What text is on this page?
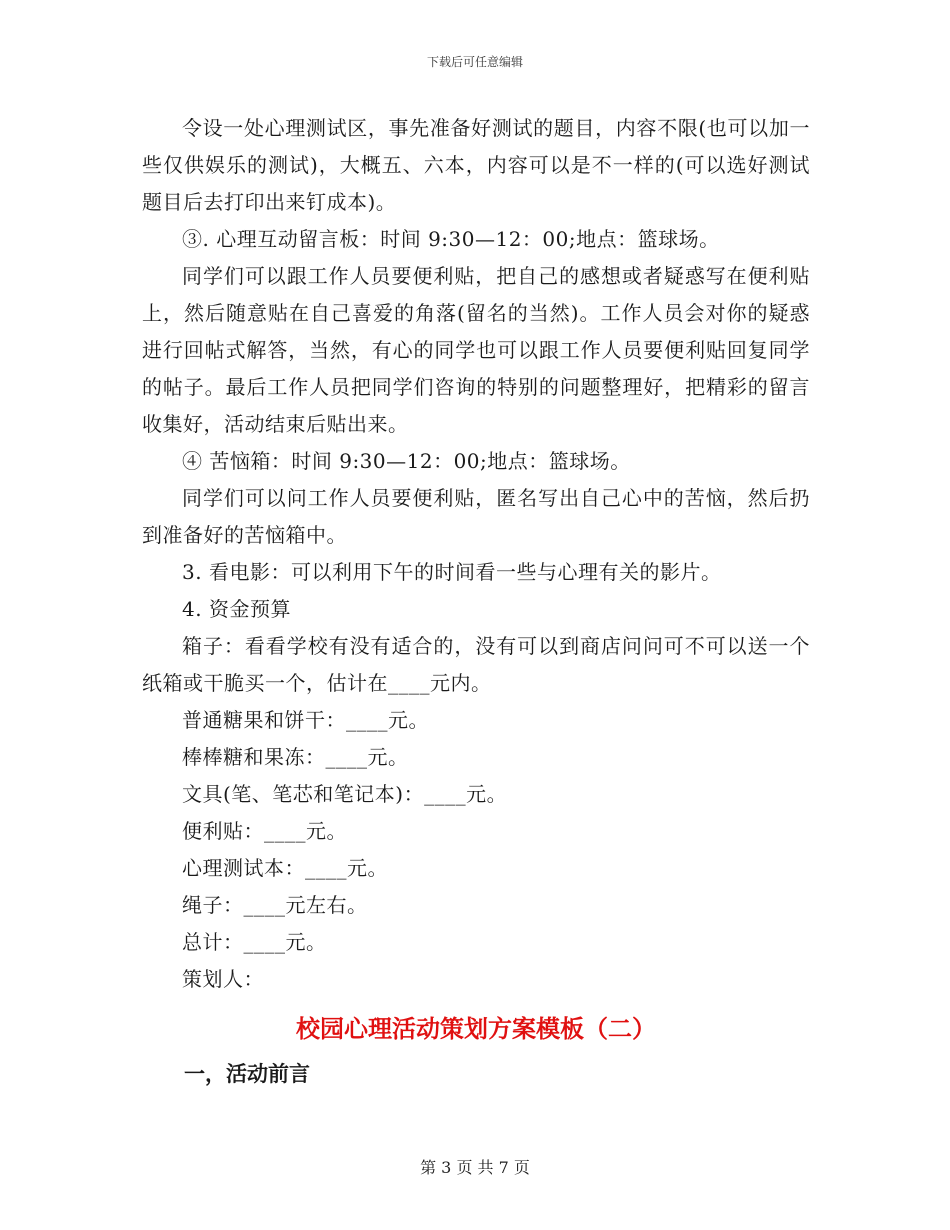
下载后可任意编辑

令设一处心理测试区，事先准备好测试的题目，内容不限(也可以加一些仅供娱乐的测试)，大概五、六本，内容可以是不一样的(可以选好测试题目后去打印出来钉成本)。

③. 心理互动留言板：时间 9:30—12：00;地点：篮球场。

同学们可以跟工作人员要便利贴，把自己的感想或者疑惑写在便利贴上，然后随意贴在自己喜爱的角落(留名的当然)。工作人员会对你的疑惑进行回帖式解答，当然，有心的同学也可以跟工作人员要便利贴回复同学的帖子。最后工作人员把同学们咨询的特别的问题整理好，把精彩的留言收集好，活动结束后贴出来。

④ 苦恼箱：时间 9:30—12：00;地点：篮球场。

同学们可以问工作人员要便利贴，匿名写出自己心中的苦恼，然后扔到准备好的苦恼箱中。

3. 看电影：可以利用下午的时间看一些与心理有关的影片。

4. 资金预算

箱子：看看学校有没有适合的，没有可以到商店问问可不可以送一个纸箱或干脆买一个，估计在____元内。

普通糖果和饼干：____元。

棒棒糖和果冻：____元。

文具(笔、笔芯和笔记本)：____元。

便利贴：____元。

心理测试本：____元。

绳子：____元左右。

总计：____元。

策划人：

校园心理活动策划方案模板（二）

一，活动前言

第 3 页 共 7 页
